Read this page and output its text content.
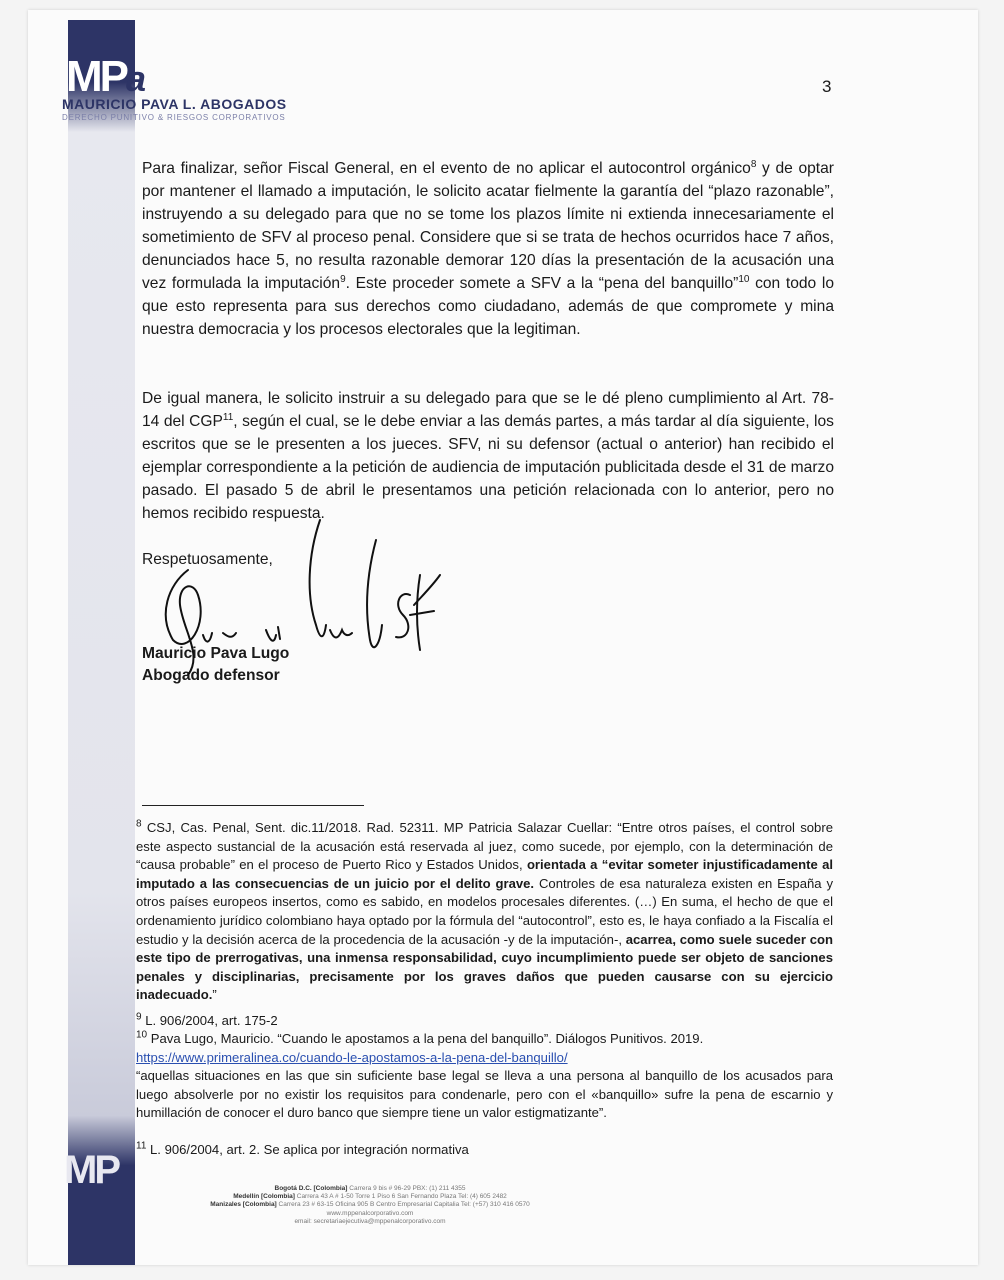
MPa
MAURICIO PAVA L. ABOGADOS
DERECHO PUNITIVO & RIESGOS CORPORATIVOS
3

Para finalizar, señor Fiscal General, en el evento de no aplicar el autocontrol orgánico$^8$ y de optar por mantener el llamado a imputación, le solicito acatar fielmente la garantía del “plazo razonable”, instruyendo a su delegado para que no se tome los plazos límite ni extienda innecesariamente el sometimiento de SFV al proceso penal. Considere que si se trata de hechos ocurridos hace 7 años, denunciados hace 5, no resulta razonable demorar 120 días la presentación de la acusación una vez formulada la imputación$^9$. Este proceder somete a SFV a la “pena del banquillo”$^{10}$ con todo lo que esto representa para sus derechos como ciudadano, además de que compromete y mina nuestra democracia y los procesos electorales que la legitiman.

De igual manera, le solicito instruir a su delegado para que se le dé pleno cumplimiento al Art. 78-14 del CGP$^{11}$, según el cual, se le debe enviar a las demás partes, a más tardar al día siguiente, los escritos que se le presenten a los jueces. SFV, ni su defensor (actual o anterior) han recibido el ejemplar correspondiente a la petición de audiencia de imputación publicitada desde el 31 de marzo pasado. El pasado 5 de abril le presentamos una petición relacionada con lo anterior, pero no hemos recibido respuesta.

Respetuosamente,
Mauricio Pava Lugo
Abogado defensor
$^8$ CSJ, Cas. Penal, Sent. dic.11/2018. Rad. 52311. MP Patricia Salazar Cuellar: “Entre otros países, el control sobre este aspecto sustancial de la acusación está reservada al juez, como sucede, por ejemplo, con la determinación de “causa probable” en el proceso de Puerto Rico y Estados Unidos, orientada a “evitar someter injustificadamente al imputado a las consecuencias de un juicio por el delito grave. Controles de esa naturaleza existen en España y otros países europeos insertos, como es sabido, en modelos procesales diferentes. (…) En suma, el hecho de que el ordenamiento jurídico colombiano haya optado por la fórmula del “autocontrol”, esto es, le haya confiado a la Fiscalía el estudio y la decisión acerca de la procedencia de la acusación -y de la imputación-, acarrea, como suele suceder con este tipo de prerrogativas, una inmensa responsabilidad, cuyo incumplimiento puede ser objeto de sanciones penales y disciplinarias, precisamente por los graves daños que pueden causarse con su ejercicio inadecuado.”
$^9$ L. 906/2004, art. 175-2
$^{10}$ Pava Lugo, Mauricio. “Cuando le apostamos a la pena del banquillo”. Diálogos Punitivos. 2019.
https://www.primeralinea.co/cuando-le-apostamos-a-la-pena-del-banquillo/
“aquellas situaciones en las que sin suficiente base legal se lleva a una persona al banquillo de los acusados para luego absolverle por no existir los requisitos para condenarle, pero con el «banquillo» sufre la pena de escarnio y humillación de conocer el duro banco que siempre tiene un valor estigmatizante”.
$^{11}$ L. 906/2004, art. 2. Se aplica por integración normativa
MP	Bogotá D.C. [Colombia] Carrera 9 bis # 96-29 PBX: (1) 211 4355
Medellín [Colombia] Carrera 43 A # 1-50 Torre 1 Piso 6 San Fernando Plaza Tel: (4) 605 2482
Manizales [Colombia] Carrera 23 # 63-15 Oficina 905 B Centro Empresarial Capitalia Tel: (+57) 310 416 0570
www.mppenalcorporativo.com
email: secretariaejecutiva@mppenalcorporativo.com
